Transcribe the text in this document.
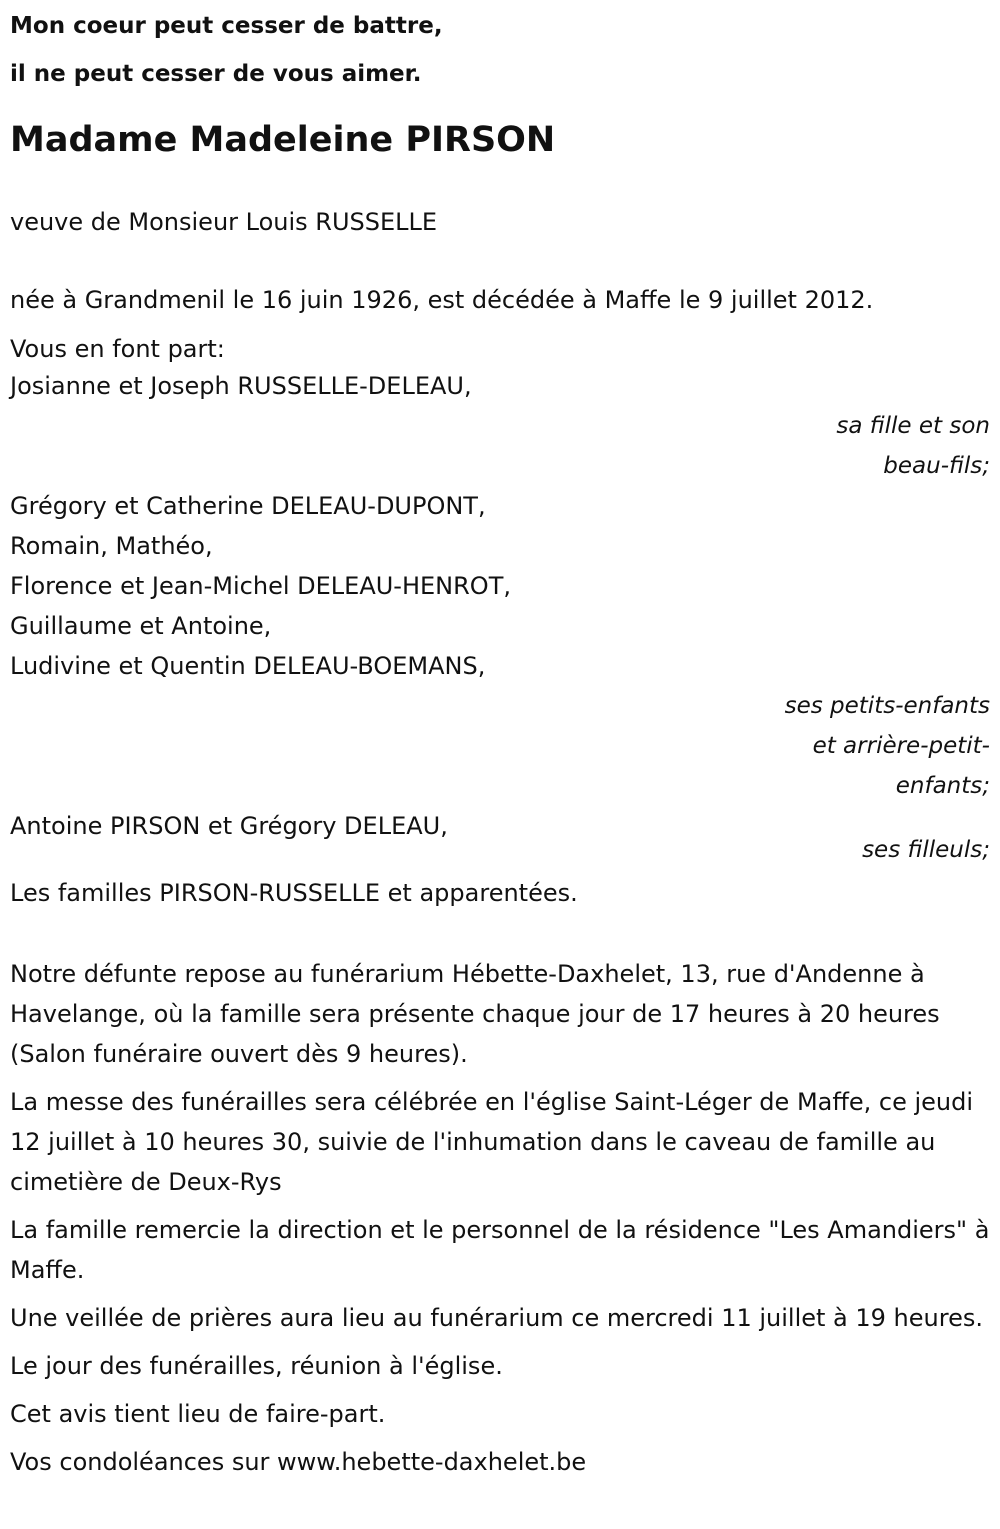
Mon coeur peut cesser de battre,

il ne peut cesser de vous aimer.

Madame Madeleine PIRSON

veuve de Monsieur Louis RUSSELLE

née à Grandmenil le 16 juin 1926, est décédée à Maffe le 9 juillet 2012.

Vous en font part:

Josianne et Joseph RUSSELLE-DELEAU,

sa fille et son

beau-fils;

Grégory et Catherine DELEAU-DUPONT,

Romain, Mathéo,

Florence et Jean-Michel DELEAU-HENROT,

Guillaume et Antoine,

Ludivine et Quentin DELEAU-BOEMANS,

ses petits-enfants

et arrière-petit-

enfants;

Antoine PIRSON et Grégory DELEAU,

ses filleuls;

Les familles PIRSON-RUSSELLE et apparentées.

Notre défunte repose au funérarium Hébette-Daxhelet, 13, rue d'Andenne à Havelange, où la famille sera présente chaque jour de 17 heures à 20 heures (Salon funéraire ouvert dès 9 heures).

La messe des funérailles sera célébrée en l'église Saint-Léger de Maffe, ce jeudi 12 juillet à 10 heures 30, suivie de l'inhumation dans le caveau de famille au cimetière de Deux-Rys

La famille remercie la direction et le personnel de la résidence "Les Amandiers" à Maffe.

Une veillée de prières aura lieu au funérarium ce mercredi 11 juillet à 19 heures.

Le jour des funérailles, réunion à l'église.

Cet avis tient lieu de faire-part.

Vos condoléances sur www.hebette-daxhelet.be
